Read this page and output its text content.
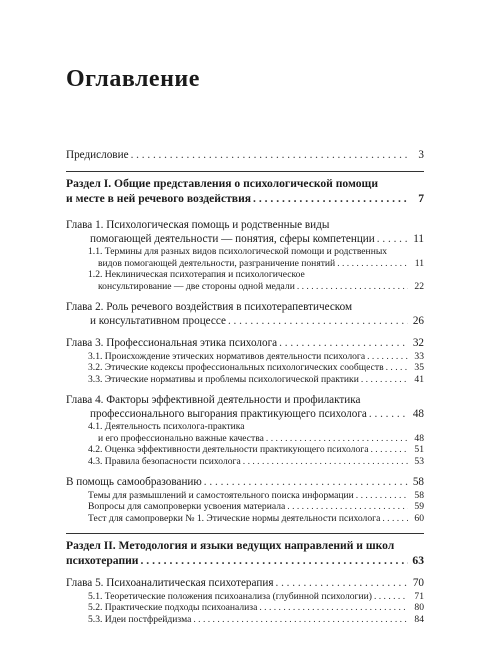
Оглавление
Предисловие . . .	3
Раздел I. Общие представления о психологической помощи
и месте в ней речевого воздействия . . .	7
Глава 1. Психологическая помощь и родственные виды
помогающей деятельности — понятия, сферы компетенции . . .	11
1.1. Термины для разных видов психологической помощи и родственных
видов помогающей деятельности, разграничение понятий . . .	11
1.2. Неклиническая психотерапия и психологическое
консультирование — две стороны одной медали . . .	22
Глава 2. Роль речевого воздействия в психотерапевтическом
и консультативном процессе . . .	26
Глава 3. Профессиональная этика психолога . . .	32
3.1. Происхождение этических нормативов деятельности психолога . . .	33
3.2. Этические кодексы профессиональных психологических сообществ . . .	35
3.3. Этические нормативы и проблемы психологической практики . . .	41
Глава 4. Факторы эффективной деятельности и профилактика
профессионального выгорания практикующего психолога . . .	48
4.1. Деятельность психолога-практика
и его профессионально важные качества . . .	48
4.2. Оценка эффективности деятельности практикующего психолога . . .	51
4.3. Правила безопасности психолога . . .	53
В помощь самообразованию . . .	58
Темы для размышлений и самостоятельного поиска информации . . .	58
Вопросы для самопроверки усвоения материала . . .	59
Тест для самопроверки № 1. Этические нормы деятельности психолога . . .	60
Раздел II. Методология и языки ведущих направлений и школ
психотерапии . . .	63
Глава 5. Психоаналитическая психотерапия . . .	70
5.1. Теоретические положения психоанализа (глубинной психологии) . . .	71
5.2. Практические подходы психоанализа . . .	80
5.3. Идеи постфрейдизма . . .	84
